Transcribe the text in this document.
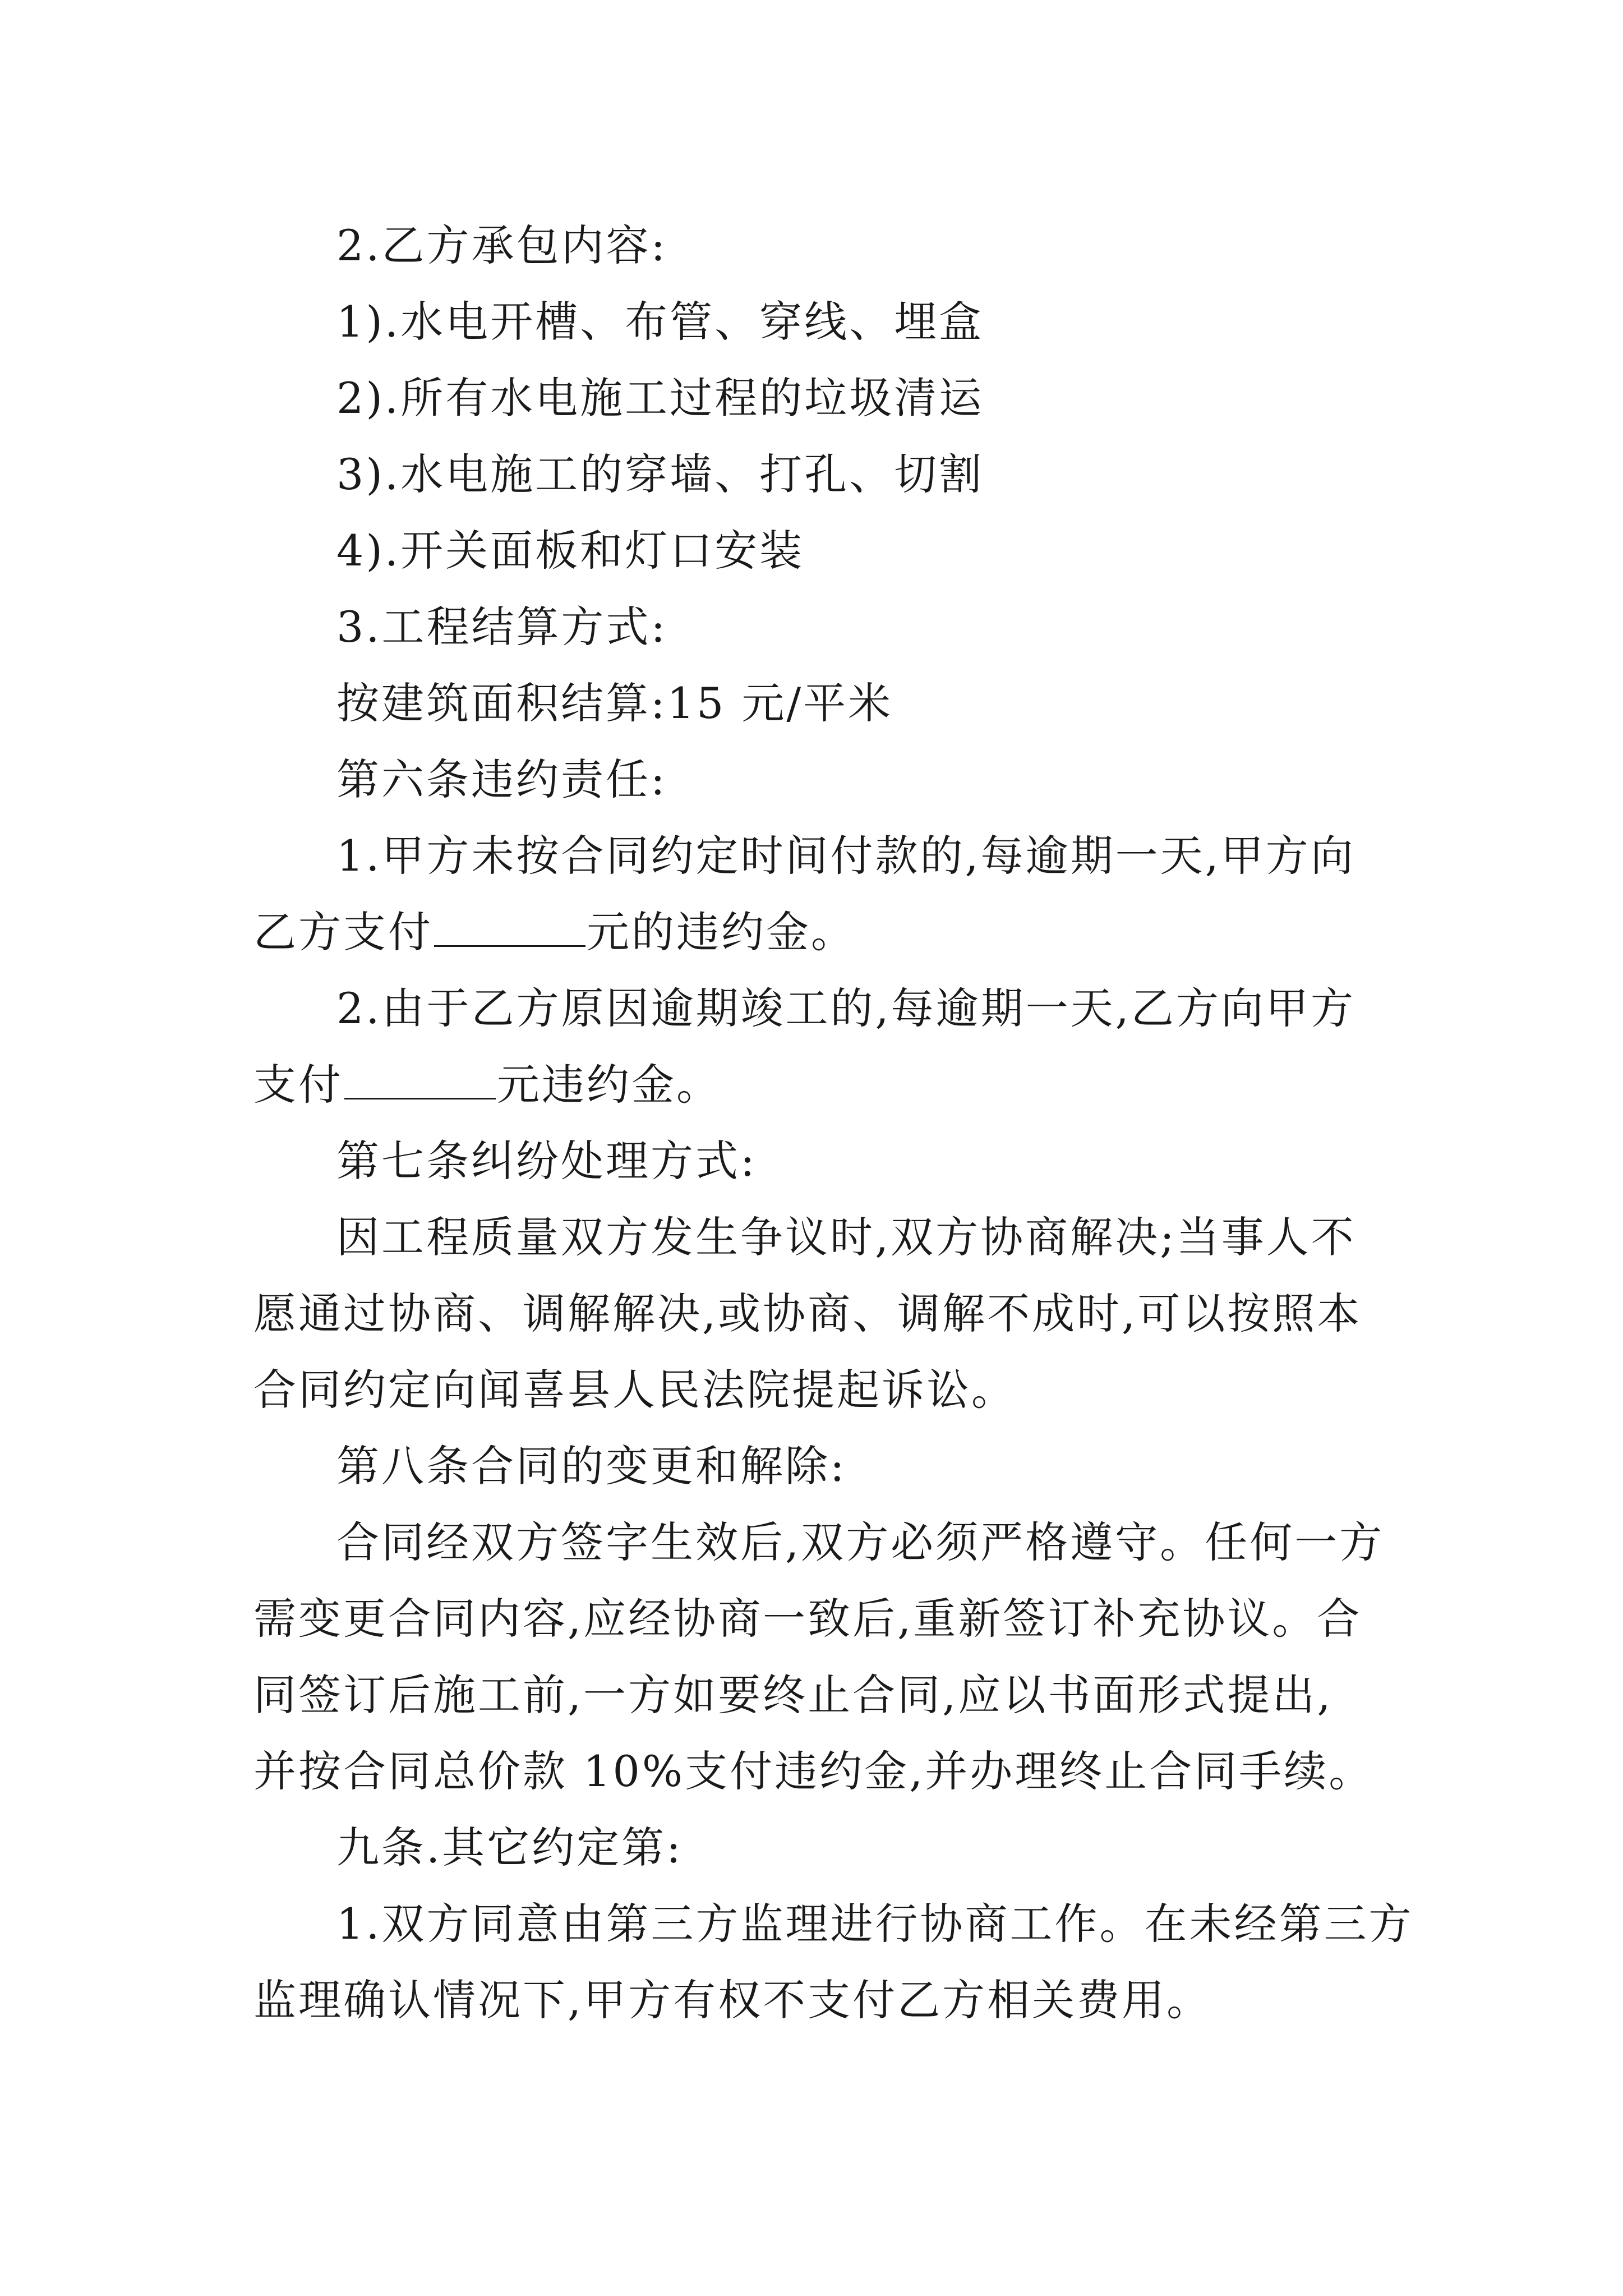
2.乙方承包内容:
1).水电开槽、布管、穿线、埋盒
2).所有水电施工过程的垃圾清运
3).水电施工的穿墙、打孔、切割
4).开关面板和灯口安装
3.工程结算方式:
按建筑面积结算:15 元/平米
第六条违约责任:
1.甲方未按合同约定时间付款的,每逾期一天,甲方向
乙方支付	元的违约金。
2.由于乙方原因逾期竣工的,每逾期一天,乙方向甲方
支付	元违约金。
第七条纠纷处理方式:
因工程质量双方发生争议时,双方协商解决;当事人不
愿通过协商、调解解决,或协商、调解不成时,可以按照本
合同约定向闻喜县人民法院提起诉讼。
第八条合同的变更和解除:
合同经双方签字生效后,双方必须严格遵守。任何一方
需变更合同内容,应经协商一致后,重新签订补充协议。合
同签订后施工前,一方如要终止合同,应以书面形式提出,
并按合同总价款 10%支付违约金,并办理终止合同手续。
九条.其它约定第:
1.双方同意由第三方监理进行协商工作。在未经第三方
监理确认情况下,甲方有权不支付乙方相关费用。
